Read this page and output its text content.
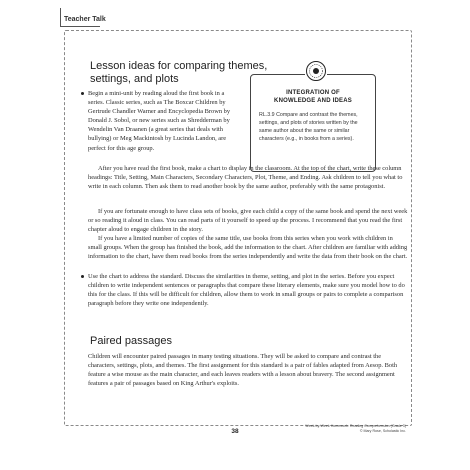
Teacher Talk
Lesson ideas for comparing themes, settings, and plots
INTEGRATION OF
KNOWLEDGE AND IDEAS
RL.3.9 Compare and contrast the themes, settings, and plots of stories written by the same author about the same or similar characters (e.g., in books from a series).

Begin a mini-unit by reading aloud the first book in a series. Classic series, such as The Boxcar Children by Gertrude Chandler Warner and Encyclopedia Brown by Donald J. Sobol, or new series such as Shredderman by Wendelin Van Draanen (a great series that deals with bullying) or Meg Mackintosh by Lucinda Landon, are perfect for this age group.

After you have read the first book, make a chart to display in the classroom. At the top of the chart, write these column headings: Title, Setting, Main Characters, Secondary Characters, Plot, Theme, and Ending. Ask children to tell you what to write in each column. Then ask them to read another book by the same author, preferably with the same protagonist.

If you are fortunate enough to have class sets of books, give each child a copy of the same book and spend the next week or so reading it aloud in class. You can read parts of it yourself to speed up the process. I recommend that you read the first chapter aloud to engage children in the story.

If you have a limited number of copies of the same title, use books from this series when you work with children in small groups. When the group has finished the book, add the information to the chart. After children are familiar with adding information to the chart, have them read books from the series independently and write the data from their book on the chart.

Use the chart to address the standard. Discuss the similarities in theme, setting, and plot in the series. Before you expect children to write independent sentences or paragraphs that compare these literary elements, make sure you model how to do this for the class. If this will be difficult for children, allow them to work in small groups or pairs to complete a comparison paragraph before they write one independently.

Paired passages

Children will encounter paired passages in many testing situations. They will be asked to compare and contrast the characters, settings, plots, and themes. The first assignment for this standard is a pair of fables adapted from Aesop. Both feature a wise mouse as the main character, and each leaves readers with a lesson about bravery. The second assignment features a pair of passages based on King Arthur's exploits.

38
Week-by-Week Homework: Reading Comprehension (Grade 3)
© Mary Rose, Scholastic Inc.
